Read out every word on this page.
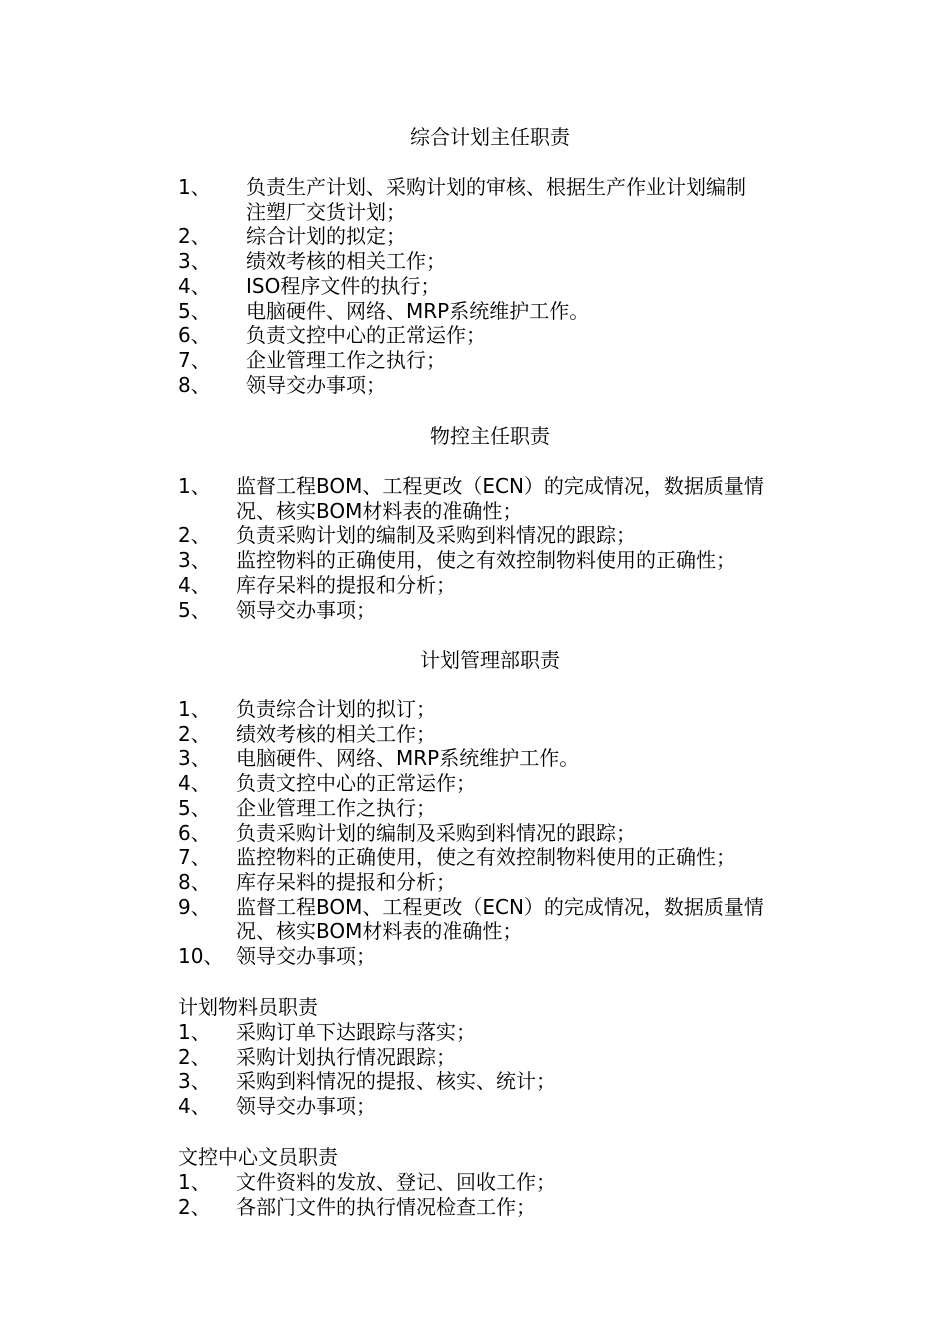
综合计划主任职责
1、 负责生产计划、采购计划的审核、根据生产作业计划编制
注塑厂交货计划；
2、 综合计划的拟定；
3、 绩效考核的相关工作；
4、 ISO程序文件的执行；
5、 电脑硬件、网络、MRP系统维护工作。
6、 负责文控中心的正常运作；
7、 企业管理工作之执行；
8、 领导交办事项；
物控主任职责
1、 监督工程BOM、工程更改（ECN）的完成情况，数据质量情
况、核实BOM材料表的准确性；
2、 负责采购计划的编制及采购到料情况的跟踪；
3、 监控物料的正确使用，使之有效控制物料使用的正确性；
4、 库存呆料的提报和分析；
5、 领导交办事项；
计划管理部职责
1、 负责综合计划的拟订；
2、 绩效考核的相关工作；
3、 电脑硬件、网络、MRP系统维护工作。
4、 负责文控中心的正常运作；
5、 企业管理工作之执行；
6、 负责采购计划的编制及采购到料情况的跟踪；
7、 监控物料的正确使用，使之有效控制物料使用的正确性；
8、 库存呆料的提报和分析；
9、 监督工程BOM、工程更改（ECN）的完成情况，数据质量情
况、核实BOM材料表的准确性；
10、 领导交办事项；
计划物料员职责
1、 采购订单下达跟踪与落实；
2、 采购计划执行情况跟踪；
3、 采购到料情况的提报、核实、统计；
4、 领导交办事项；
文控中心文员职责
1、 文件资料的发放、登记、回收工作；
2、 各部门文件的执行情况检查工作；
